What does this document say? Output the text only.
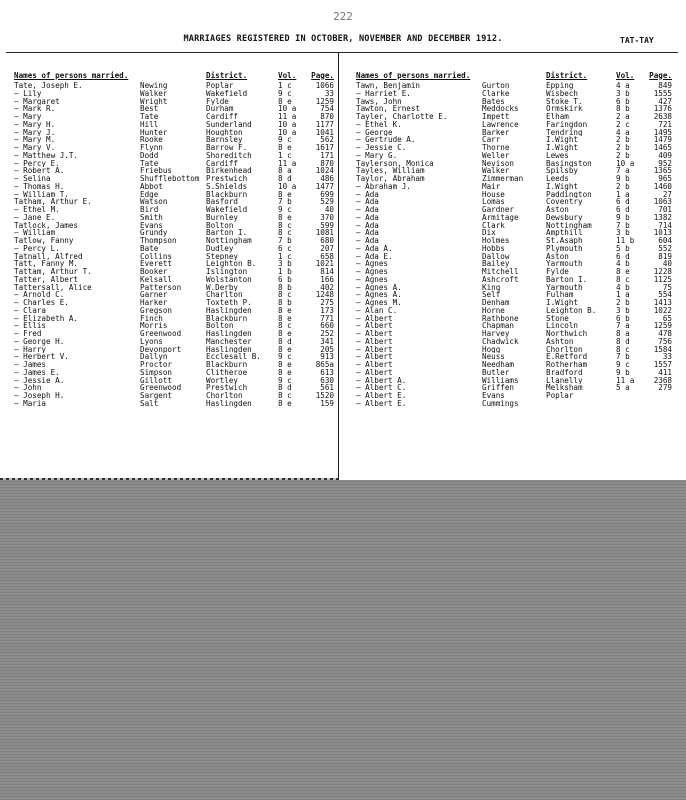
222
MARRIAGES REGISTERED IN OCTOBER, NOVEMBER AND DECEMBER 1912.	TAT-TAY
Names of persons married.		District.	Vol.	Page.
Tate, Joseph E.	Newing	Poplar	1 c	1066
— Lily	Walker	Wakefield	9 c	33
— Margaret	Wright	Fylde	8 e	1259
— Mark R.	Best	Durham	10 a	754
— Mary	Tate	Cardiff	11 a	870
— Mary H.	Hill	Sunderland	10 a	1177
— Mary J.	Hunter	Houghton	10 a	1041
— Mary M.	Rooke	Barnsley	9 c	562
— Mary V.	Flynn	Barrow F.	8 e	1617
— Matthew J.T.	Dodd	Shoreditch	1 c	171
— Percy E.	Tate	Cardiff	11 a	870
— Robert A.	Friebus	Birkenhead	8 a	1024
— Selina	Shufflebottom	Prestwich	8 d	486
— Thomas H.	Abbot	S.Shields	10 a	1477
— William T.	Edge	Blackburn	8 e	699
Tatham, Arthur E.	Watson	Basford	7 b	529
— Ethel M.	Bird	Wakefield	9 c	40
— Jane E.	Smith	Burnley	8 e	370
Tatlock, James	Evans	Bolton	8 c	599
— William	Grundy	Barton I.	8 c	1081
Tatlow, Fanny	Thompson	Nottingham	7 b	680
— Percy L.	Bate	Dudley	6 c	207
Tatnall, Alfred	Collins	Stepney	1 c	658
Tatt, Fanny M.	Everett	Leighton B.	3 b	1021
Tattam, Arthur T.	Booker	Islington	1 b	814
Tatter, Albert	Kelsall	Wolstanton	6 b	166
Tattersall, Alice	Patterson	W.Derby	8 b	402
— Arnold C.	Garner	Charlton	8 c	1248
— Charles E.	Harker	Toxteth P.	8 b	275
— Clara	Gregson	Haslingden	8 e	173
— Elizabeth A.	Finch	Blackburn	8 e	771
— Ellis	Morris	Bolton	8 c	660
— Fred	Greenwood	Haslingden	8 e	252
— George H.	Lyons	Manchester	8 d	341
— Harry	Devonport	Haslingden	8 e	205
— Herbert V.	Dallyn	Ecclesall B.	9 c	913
— James	Proctor	Blackburn	8 e	865a
— James E.	Simpson	Clitheroe	8 e	613
— Jessie A.	Gillott	Wortley	9 c	630
— John	Greenwood	Prestwich	8 d	561
— Joseph H.	Sargent	Chorlton	8 c	1520
— Maria	Salt	Haslingden	8 e	159
Names of persons married.		District.	Vol.	Page.
Tawn, Benjamin	Gurton	Epping	4 a	849
— Harriet E.	Clarke	Wisbech	3 b	1555
Taws, John	Bates	Stoke T.	6 b	427
Tawton, Ernest	Meddocks	Ormskirk	8 b	1376
Tayler, Charlotte E.	Impett	Elham	2 a	2638
— Ethel K.	Lawrence	Faringdon	2 c	721
— George	Barker	Tendring	4 a	1495
— Gertrude A.	Carr	I.Wight	2 b	1479
— Jessie C.	Thorne	I.Wight	2 b	1465
— Mary G.	Weller	Lewes	2 b	409
Taylerson, Monica	Nevison	Basingston	10 a	952
Tayles, William	Walker	Spilsby	7 a	1365
Taylor, Abraham	Zimmerman	Leeds	9 b	965
— Abraham J.	Mair	I.Wight	2 b	1460
— Ada	House	Paddington	1 a	27
— Ada	Lomas	Coventry	6 d	1063
— Ada	Gardner	Aston	6 d	701
— Ada	Armitage	Dewsbury	9 b	1382
— Ada	Clark	Nottingham	7 b	714
— Ada	Dix	Ampthill	3 b	1013
— Ada	Holmes	St.Asaph	11 b	604
— Ada A.	Hobbs	Plymouth	5 b	552
— Ada E.	Dallow	Aston	6 d	819
— Agnes	Bailey	Yarmouth	4 b	40
— Agnes	Mitchell	Fylde	8 e	1228
— Agnes	Ashcroft	Barton I.	8 c	1125
— Agnes A.	King	Yarmouth	4 b	75
— Agnes A.	Self	Fulham	1 a	554
— Agnes M.	Denham	I.Wight	2 b	1413
— Alan C.	Horne	Leighton B.	3 b	1022
— Albert	Rathbone	Stone	6 b	65
— Albert	Chapman	Lincoln	7 a	1259
— Albert	Harvey	Northwich	8 a	478
— Albert	Chadwick	Ashton	8 d	756
— Albert	Hogg	Chorlton	8 c	1584
— Albert	Neuss	E.Retford	7 b	33
— Albert	Needham	Rotherham	9 c	1557
— Albert	Butler	Bradford	9 b	411
— Albert A.	Williams	Llanelly	11 a	2368
— Albert C.	Griffen	Melksham	5 a	279
— Albert E.	Evans	Poplar		
— Albert E.	Cummings			
